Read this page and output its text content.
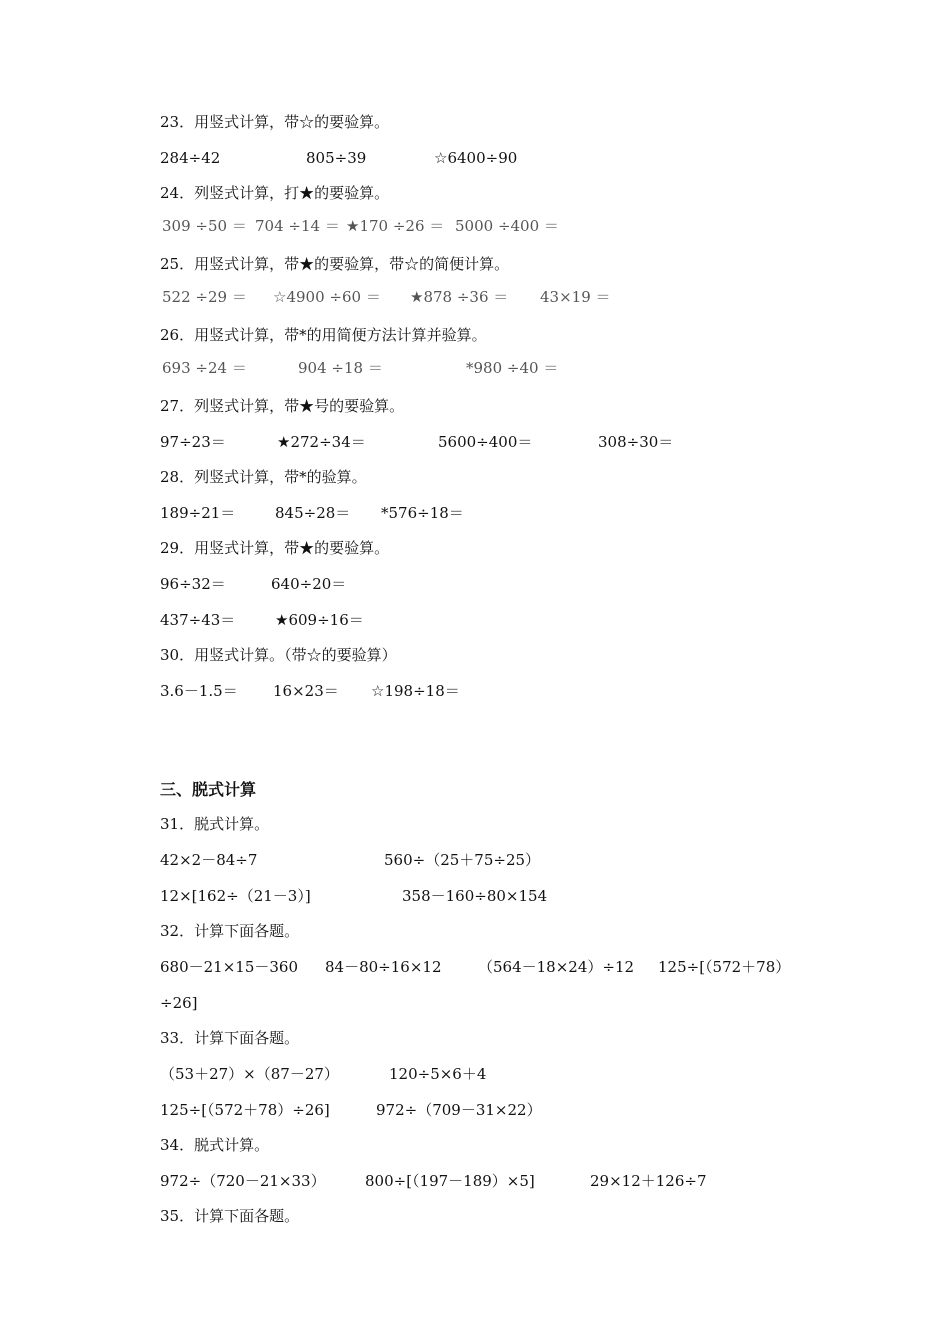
23．用竖式计算，带☆的要验算。
284÷42	805÷39	☆6400÷90
24．列竖式计算，打★的要验算。
309 ÷50 ＝ 704 ÷14 ＝ ★170 ÷26 ＝ 5000 ÷400 ＝
25．用竖式计算，带★的要验算，带☆的简便计算。
522 ÷29 ＝ ☆4900 ÷60 ＝ ★878 ÷36 ＝ 43×19 ＝
26．用竖式计算，带*的用简便方法计算并验算。
693 ÷24 ＝	904 ÷18 ＝	*980 ÷40 ＝
27．列竖式计算，带★号的要验算。
97÷23＝	★272÷34＝	5600÷400＝	308÷30＝
28．列竖式计算，带*的验算。
189÷21＝	845÷28＝ *576÷18＝
29．用竖式计算，带★的要验算。
96÷32＝	640÷20＝
437÷43＝	★609÷16＝
30．用竖式计算。（带☆的要验算）
3.6－1.5＝ 16×23＝ ☆198÷18＝
三、脱式计算
31．脱式计算。
42×2－84÷7	560÷（25＋75÷25）
12×[162÷（21－3）]	358－160÷80×154
32．计算下面各题。
680－21×15－360 84－80÷16×12 （564－18×24）÷12 125÷[（572＋78）
÷26]
33．计算下面各题。
（53＋27）×（87－27）	120÷5×6＋4
125÷[（572＋78）÷26]	972÷（709－31×22）
34．脱式计算。
972÷（720－21×33）	800÷[（197－189）×5]	29×12＋126÷7
35．计算下面各题。
